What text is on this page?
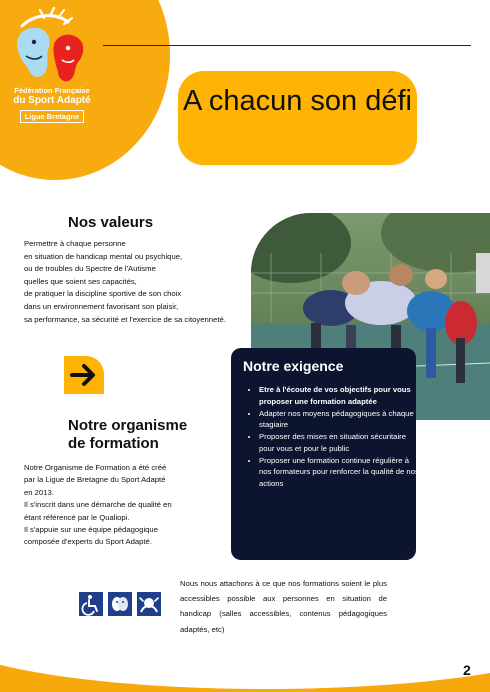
Fédération Française
du Sport Adapté
Ligue Bretagne	A chacun son défi
Nos valeurs

Permettre à chaque personne
en situation de handicap mental ou psychique,
ou de troubles du Spectre de l'Autisme
quelles que soient ses capacités,
de pratiquer la discipline sportive de son choix
dans un environnement favorisant son plaisir,
sa performance, sa sécurité et l'exercice de sa citoyenneté.

Notre organisme
de formation

Notre Organisme de Formation a été créé
par la Ligue de Bretagne du Sport Adapté
en 2013.
Il s'inscrit dans une démarche de qualité en
étant référencé par le Qualiopi.
Il s'appuie sur une équipe pédagogique
composée d'experts du Sport Adapté.

Notre exigence
• Etre à l'écoute de vos objectifs pour vous proposer une formation adaptée
• Adapter nos moyens pédagogiques à chaque stagiaire
• Proposer des mises en situation sécuritaire pour vous et pour le public
• Proposer une formation continue régulière à nos formateurs pour renforcer la qualité de nos actions

Nous nous attachons à ce que nos formations soient le plus accessibles possible aux personnes en situation de handicap (salles accessibles, contenus pédagogiques adaptés, etc)

2
